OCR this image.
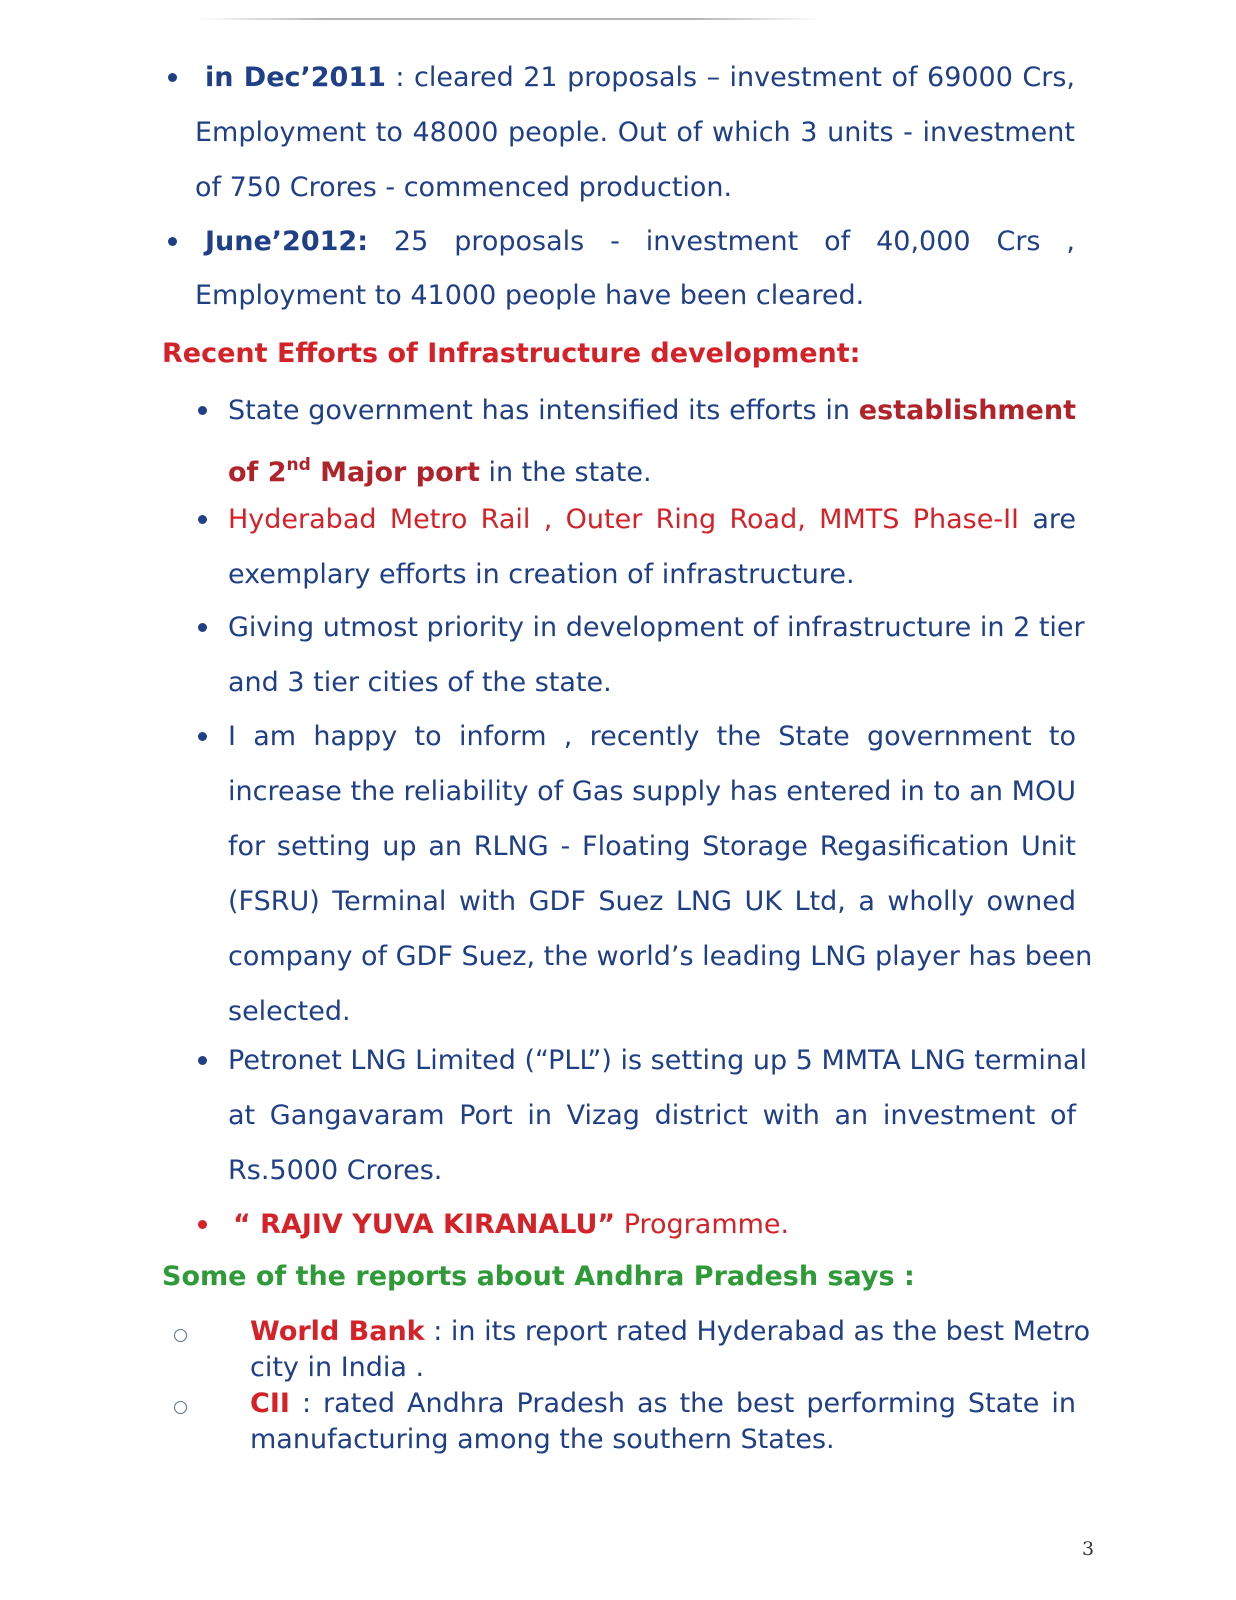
in Dec’2011 : cleared 21 proposals – investment of 69000 Crs,
Employment to 48000 people. Out of which 3 units - investment
of 750 Crores - commenced production.
June’2012: 25 proposals - investment of 40,000 Crs ,
Employment to 41000 people have been cleared.
Recent Efforts of Infrastructure development:
State government has intensified its efforts in establishment
of 2nd Major port in the state.
Hyderabad Metro Rail , Outer Ring Road, MMTS Phase-II are
exemplary efforts in creation of infrastructure.
Giving utmost priority in development of infrastructure in 2 tier
and 3 tier cities of the state.
I am happy to inform , recently the State government to
increase the reliability of Gas supply has entered in to an MOU
for setting up an RLNG - Floating Storage Regasification Unit
(FSRU) Terminal with GDF Suez LNG UK Ltd, a wholly owned
company of GDF Suez, the world’s leading LNG player has been
selected.
Petronet LNG Limited (“PLL”) is setting up 5 MMTA LNG terminal
at Gangavaram Port in Vizag district with an investment of
Rs.5000 Crores.
“ RAJIV YUVA KIRANALU” Programme.
Some of the reports about Andhra Pradesh says :
World Bank : in its report rated Hyderabad as the best Metro
city in India .
CII : rated Andhra Pradesh as the best performing State in
manufacturing among the southern States.
3
